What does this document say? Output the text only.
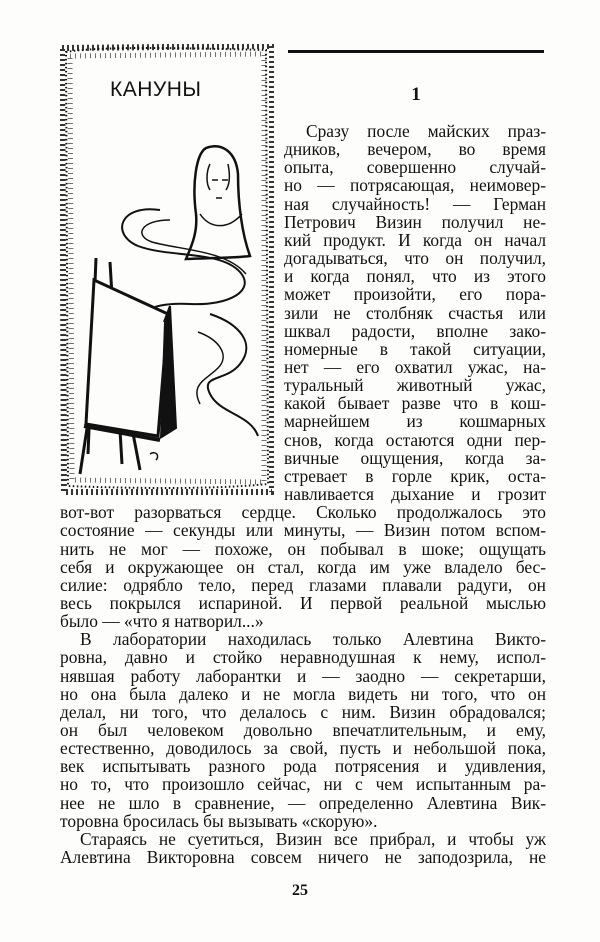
КАНУНЫ	1
Сразу после майских праз-
дников, вечером, во время
опыта, совершенно случай-
но — потрясающая, неимовер-
ная случайность! — Герман
Петрович Визин получил не-
кий продукт. И когда он начал
догадываться, что он получил,
и когда понял, что из этого
может произойти, его пора-
зили не столбняк счастья или
шквал радости, вполне зако-
номерные в такой ситуации,
нет — его охватил ужас, на-
туральный животный ужас,
какой бывает разве что в кош-
марнейшем из кошмарных
снов, когда остаются одни пер-
вичные ощущения, когда за-
стревает в горле крик, оста-
навливается дыхание и грозит
вот-вот разорваться сердце. Сколько продолжалось это
состояние — секунды или минуты, — Визин потом вспом-
нить не мог — похоже, он побывал в шоке; ощущать
себя и окружающее он стал, когда им уже владело бес-
силие: одрябло тело, перед глазами плавали радуги, он
весь покрылся испариной. И первой реальной мыслью
было — «что я натворил...»
В лаборатории находилась только Алевтина Викто-
ровна, давно и стойко неравнодушная к нему, испол-
нявшая работу лаборантки и — заодно — секретарши,
но она была далеко и не могла видеть ни того, что он
делал, ни того, что делалось с ним. Визин обрадовался;
25
он был человеком довольно впечатлительным, и ему,
естественно, доводилось за свой, пусть и небольшой пока,
век испытывать разного рода потрясения и удивления,
но то, что произошло сейчас, ни с чем испытанным ра-
нее не шло в сравнение, — определенно Алевтина Вик-
торовна бросилась бы вызывать «скорую».
Стараясь не суетиться, Визин все прибрал, и чтобы уж
Алевтина Викторовна совсем ничего не заподозрила, не
